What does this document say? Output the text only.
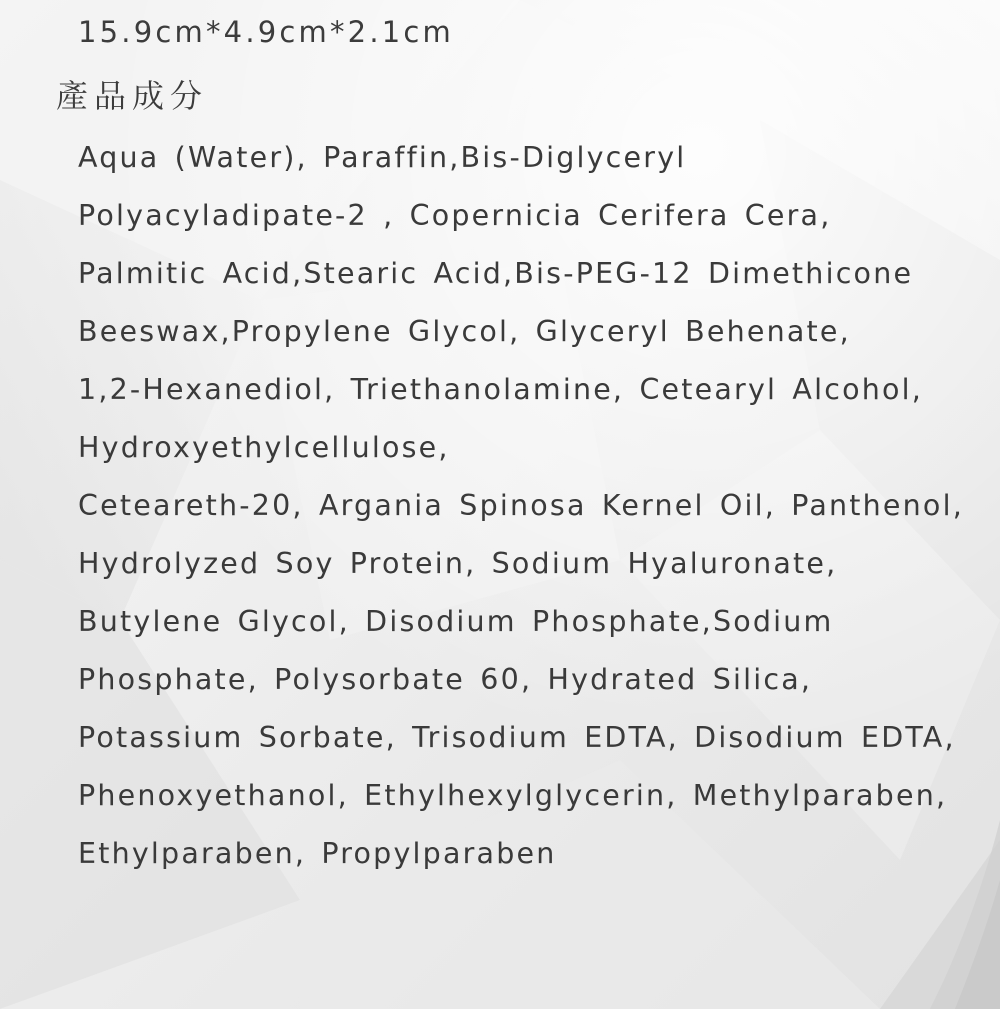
15.9cm*4.9cm*2.1cm
產品成分
Aqua (Water), Paraffin,Bis-Diglyceryl
Polyacyladipate-2 , Copernicia Cerifera Cera,
Palmitic Acid,Stearic Acid,Bis-PEG-12 Dimethicone
Beeswax,Propylene Glycol, Glyceryl Behenate,
1,2-Hexanediol, Triethanolamine, Cetearyl Alcohol,
Hydroxyethylcellulose,
Ceteareth-20, Argania Spinosa Kernel Oil, Panthenol,
Hydrolyzed Soy Protein, Sodium Hyaluronate,
Butylene Glycol, Disodium Phosphate,Sodium
Phosphate, Polysorbate 60, Hydrated Silica,
Potassium Sorbate, Trisodium EDTA, Disodium EDTA,
Phenoxyethanol, Ethylhexylglycerin, Methylparaben,
Ethylparaben, Propylparaben
